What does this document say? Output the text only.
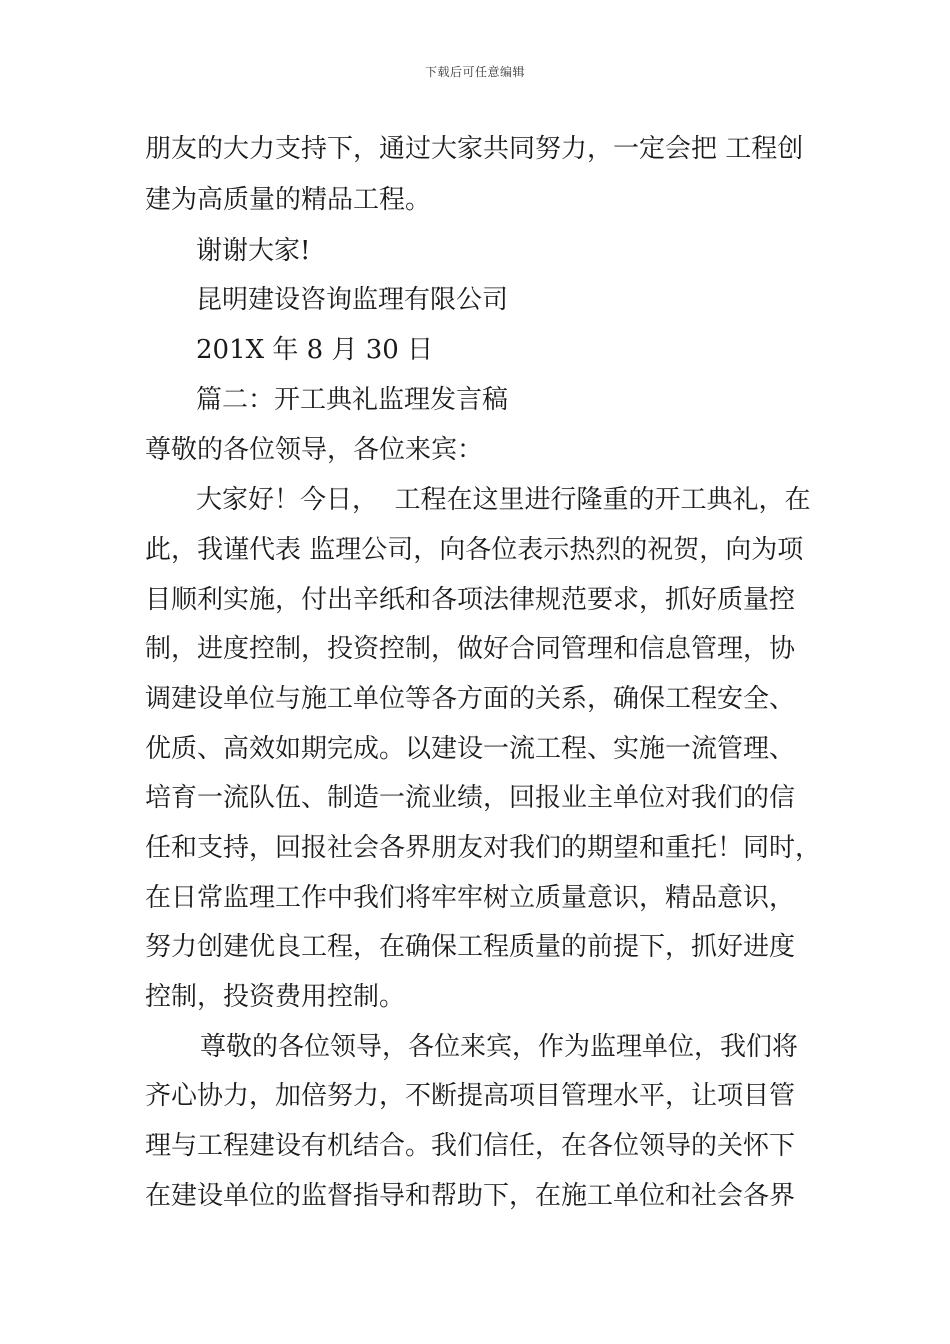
下载后可任意编辑
朋友的大力支持下，通过大家共同努力，一定会把 工程创
建为高质量的精品工程。
谢谢大家!
昆明建设咨询监理有限公司
201X 年 8 月 30 日
篇二：开工典礼监理发言稿
尊敬的各位领导，各位来宾：
大家好！今日，  工程在这里进行隆重的开工典礼，在
此，我谨代表 监理公司，向各位表示热烈的祝贺，向为项
目顺利实施，付出辛纸和各项法律规范要求，抓好质量控
制，进度控制，投资控制，做好合同管理和信息管理，协
调建设单位与施工单位等各方面的关系，确保工程安全、
优质、高效如期完成。以建设一流工程、实施一流管理、
培育一流队伍、制造一流业绩，回报业主单位对我们的信
任和支持，回报社会各界朋友对我们的期望和重托！同时，
在日常监理工作中我们将牢牢树立质量意识，精品意识，
努力创建优良工程，在确保工程质量的前提下，抓好进度
控制，投资费用控制。
尊敬的各位领导，各位来宾，作为监理单位，我们将
齐心协力，加倍努力，不断提高项目管理水平，让项目管
理与工程建设有机结合。我们信任，在各位领导的关怀下
在建设单位的监督指导和帮助下，在施工单位和社会各界
